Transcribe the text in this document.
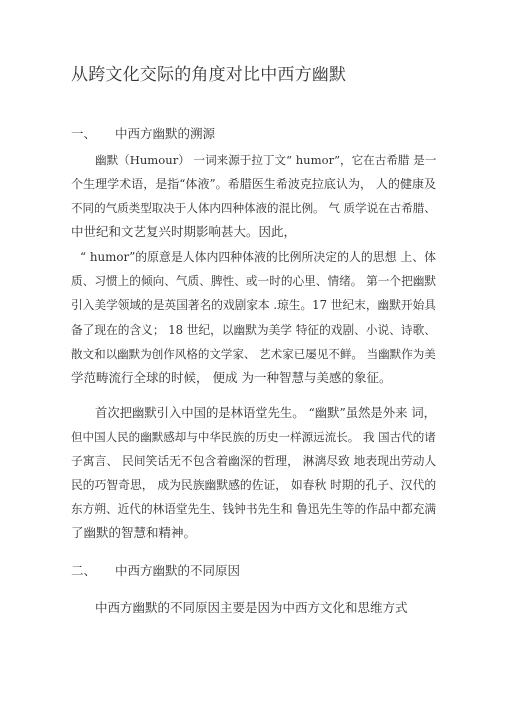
从跨文化交际的角度对比中西方幽默
一、 中西方幽默的溯源
幽默（Humour） 一词来源于拉丁文“ humor”，它在古希腊 是一
个生理学术语，是指“体液”。希腊医生希波克拉底认为， 人的健康及
不同的气质类型取决于人体内四种体液的混比例。 气 质学说在古希腊、
中世纪和文艺复兴时期影响甚大。因此，
“ humor”的原意是人体内四种体液的比例所决定的人的思想 上、体
质、习惯上的倾向、气质、脾性、或一时的心里、情绪。 第一个把幽默
引入美学领域的是英国著名的戏剧家本 .琼生。17 世纪末，幽默开始具
备了现在的含义； 18 世纪，以幽默为美学 特征的戏剧、小说、诗歌、
散文和以幽默为创作风格的文学家、 艺术家已屡见不鲜。 当幽默作为美
学范畴流行全球的时候， 便成 为一种智慧与美感的象征。
首次把幽默引入中国的是林语堂先生。 “幽默”虽然是外来 词，
但中国人民的幽默感却与中华民族的历史一样源远流长。 我 国古代的诸
子寓言、 民间笑话无不包含着幽深的哲理， 淋漓尽致 地表现出劳动人
民的巧智奇思， 成为民族幽默感的佐证， 如春秋 时期的孔子、汉代的
东方朔、近代的林语堂先生、钱钟书先生和 鲁迅先生等的作品中都充满
了幽默的智慧和精神。
二、 中西方幽默的不同原因
中西方幽默的不同原因主要是因为中西方文化和思维方式
